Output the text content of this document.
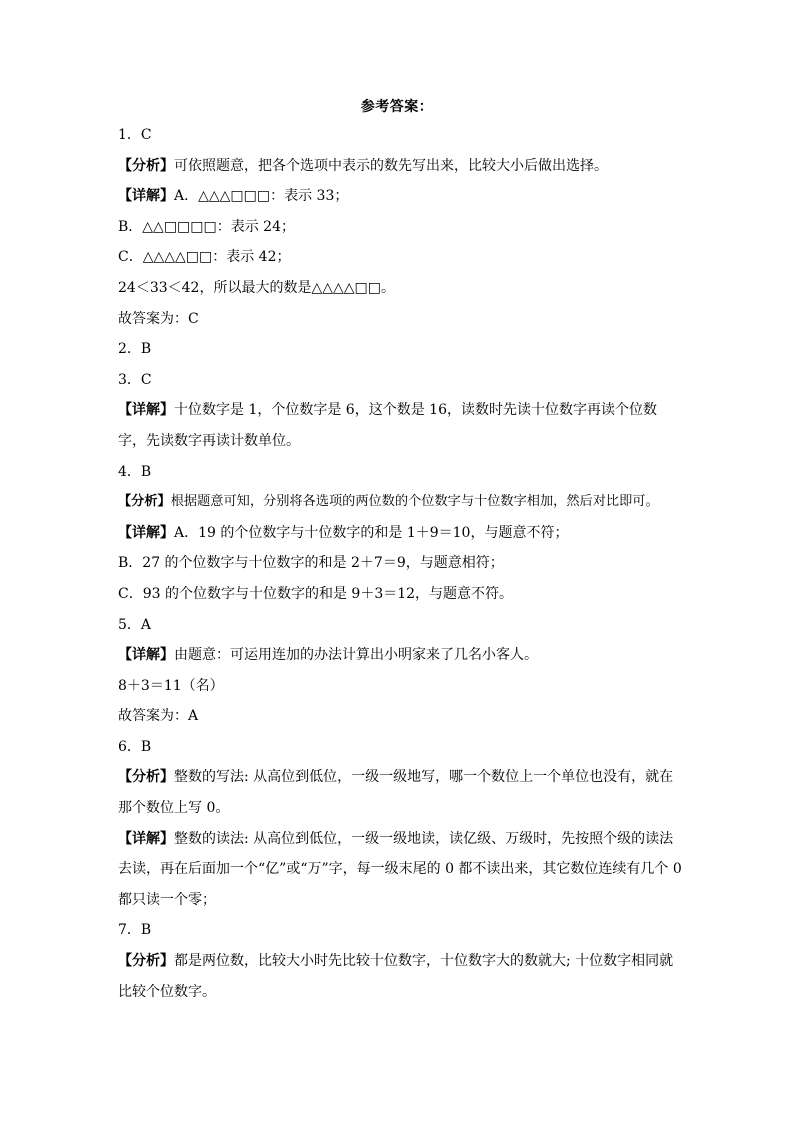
参考答案：

1．C

【分析】可依照题意，把各个选项中表示的数先写出来，比较大小后做出选择。

【详解】A．△△△□□□：表示 33；

B．△△□□□□：表示 24；

C．△△△△□□：表示 42；

24＜33＜42，所以最大的数是△△△△□□。

故答案为：C

2．B

3．C

【详解】十位数字是 1，个位数字是 6，这个数是 16，读数时先读十位数字再读个位数字，先读数字再读计数单位。

4．B

【分析】根据题意可知，分别将各选项的两位数的个位数字与十位数字相加，然后对比即可。

【详解】A．19 的个位数字与十位数字的和是 1＋9＝10，与题意不符；

B．27 的个位数字与十位数字的和是 2＋7＝9，与题意相符；

C．93 的个位数字与十位数字的和是 9＋3＝12，与题意不符。

5．A

【详解】由题意：可运用连加的办法计算出小明家来了几名小客人。

8＋3＝11（名）

故答案为：A

6．B

【分析】整数的写法: 从高位到低位，一级一级地写，哪一个数位上一个单位也没有，就在那个数位上写 0。

【详解】整数的读法: 从高位到低位，一级一级地读，读亿级、万级时，先按照个级的读法去读，再在后面加一个“亿”或“万”字，每一级末尾的 0 都不读出来，其它数位连续有几个 0 都只读一个零；

7．B

【分析】都是两位数，比较大小时先比较十位数字，十位数字大的数就大; 十位数字相同就比较个位数字。
